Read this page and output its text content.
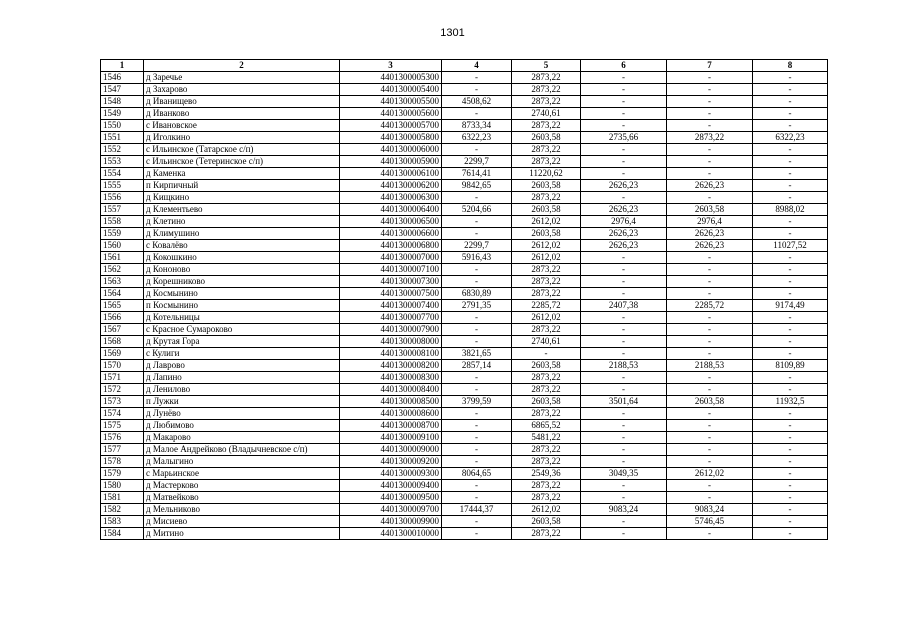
1301
1	2	3	4	5	6	7	8
1546	д Заречье	4401300005300	-	2873,22	-	-	-
1547	д Захарово	4401300005400	-	2873,22	-	-	-
1548	д Иванищево	4401300005500	4508,62	2873,22	-	-	-
1549	д Иванково	4401300005600	-	2740,61	-	-	-
1550	с Ивановское	4401300005700	8733,34	2873,22	-	-	-
1551	д Иголкино	4401300005800	6322,23	2603,58	2735,66	2873,22	6322,23
1552	с Ильинское (Татарское с/п)	4401300006000	-	2873,22	-	-	-
1553	с Ильинское (Тетеринское с/п)	4401300005900	2299,7	2873,22	-	-	-
1554	д Каменка	4401300006100	7614,41	11220,62	-	-	-
1555	п Кирпичный	4401300006200	9842,65	2603,58	2626,23	2626,23	-
1556	д Кищкино	4401300006300	-	2873,22	-	-	-
1557	д Клементьево	4401300006400	5204,66	2603,58	2626,23	2603,58	8988,02
1558	д Клетино	4401300006500	-	2612,02	2976,4	2976,4	-
1559	д Климушино	4401300006600	-	2603,58	2626,23	2626,23	-
1560	с Ковалёво	4401300006800	2299,7	2612,02	2626,23	2626,23	11027,52
1561	д Кокошкино	4401300007000	5916,43	2612,02	-	-	-
1562	д Кононово	4401300007100	-	2873,22	-	-	-
1563	д Корешниково	4401300007300	-	2873,22	-	-	-
1564	д Космынино	4401300007500	6830,89	2873,22	-	-	-
1565	п Космынино	4401300007400	2791,35	2285,72	2407,38	2285,72	9174,49
1566	д Котельницы	4401300007700	-	2612,02	-	-	-
1567	с Красное Сумароково	4401300007900	-	2873,22	-	-	-
1568	д Крутая Гора	4401300008000	-	2740,61	-	-	-
1569	с Кулиги	4401300008100	3821,65	-	-	-	-
1570	д Лаврово	4401300008200	2857,14	2603,58	2188,53	2188,53	8109,89
1571	д Лапино	4401300008300	-	2873,22	-	-	-
1572	д Ленилово	4401300008400	-	2873,22	-	-	-
1573	п Лужки	4401300008500	3799,59	2603,58	3501,64	2603,58	11932,5
1574	д Лунёво	4401300008600	-	2873,22	-	-	-
1575	д Любимово	4401300008700	-	6865,52	-	-	-
1576	д Макарово	4401300009100	-	5481,22	-	-	-
1577	д Малое Андрейково (Владычневское с/п)	4401300009000	-	2873,22	-	-	-
1578	д Малыгино	4401300009200	-	2873,22	-	-	-
1579	с Марьинское	4401300009300	8064,65	2549,36	3049,35	2612,02	-
1580	д Мастерково	4401300009400	-	2873,22	-	-	-
1581	д Матвейково	4401300009500	-	2873,22	-	-	-
1582	д Мельниково	4401300009700	17444,37	2612,02	9083,24	9083,24	-
1583	д Мисиево	4401300009900	-	2603,58	-	5746,45	-
1584	д Митино	4401300010000	-	2873,22	-	-	-
